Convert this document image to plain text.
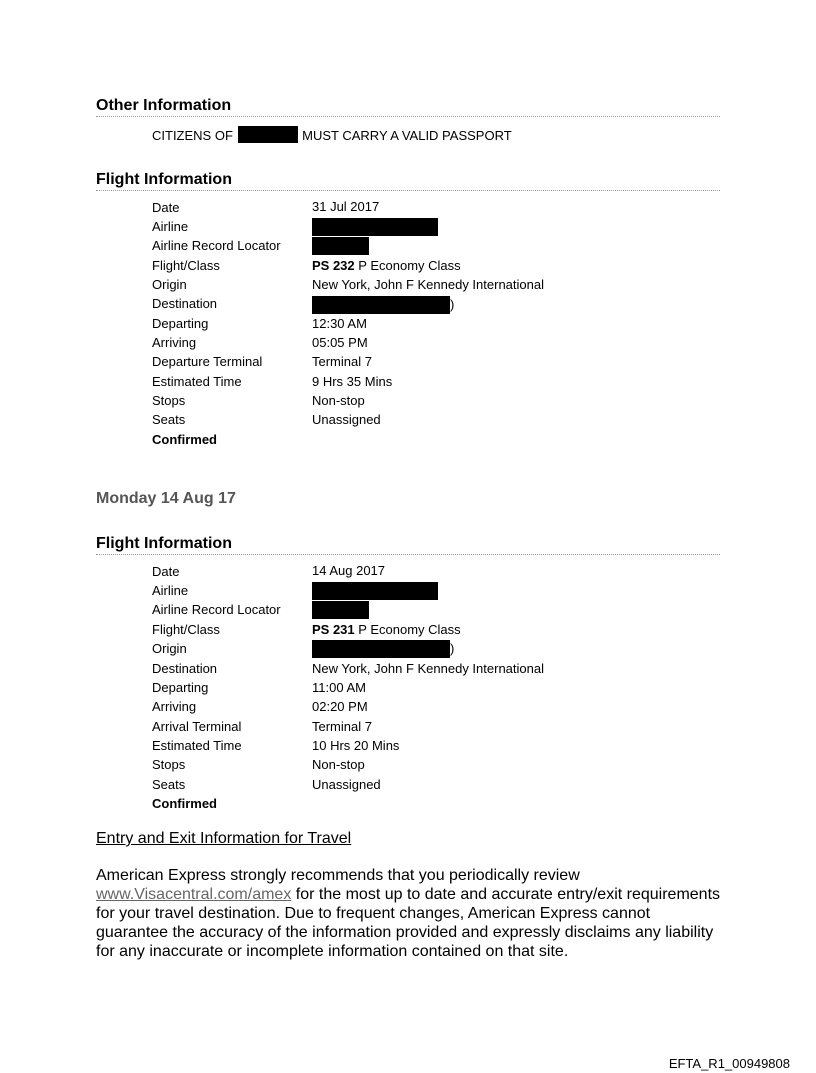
Other Information
CITIZENS OF	MUST CARRY A VALID PASSPORT
Flight Information
Date	31 Jul 2017
Airline
Airline Record Locator
Flight/Class	PS 232 P Economy Class
Origin	New York, John F Kennedy International
Destination	)
Departing	12:30 AM
Arriving	05:05 PM
Departure Terminal	Terminal 7
Estimated Time	9 Hrs 35 Mins
Stops	Non-stop
Seats	Unassigned
Confirmed
Monday 14 Aug 17
Flight Information
Date	14 Aug 2017
Airline
Airline Record Locator
Flight/Class	PS 231 P Economy Class
Origin	)
Destination	New York, John F Kennedy International
Departing	11:00 AM
Arriving	02:20 PM
Arrival Terminal	Terminal 7
Estimated Time	10 Hrs 20 Mins
Stops	Non-stop
Seats	Unassigned
Confirmed
Entry and Exit Information for Travel
American Express strongly recommends that you periodically review
www.Visacentral.com/amex for the most up to date and accurate entry/exit requirements for your travel destination. Due to frequent changes, American Express cannot guarantee the accuracy of the information provided and expressly disclaims any liability for any inaccurate or incomplete information contained on that site.
EFTA_R1_00949808
